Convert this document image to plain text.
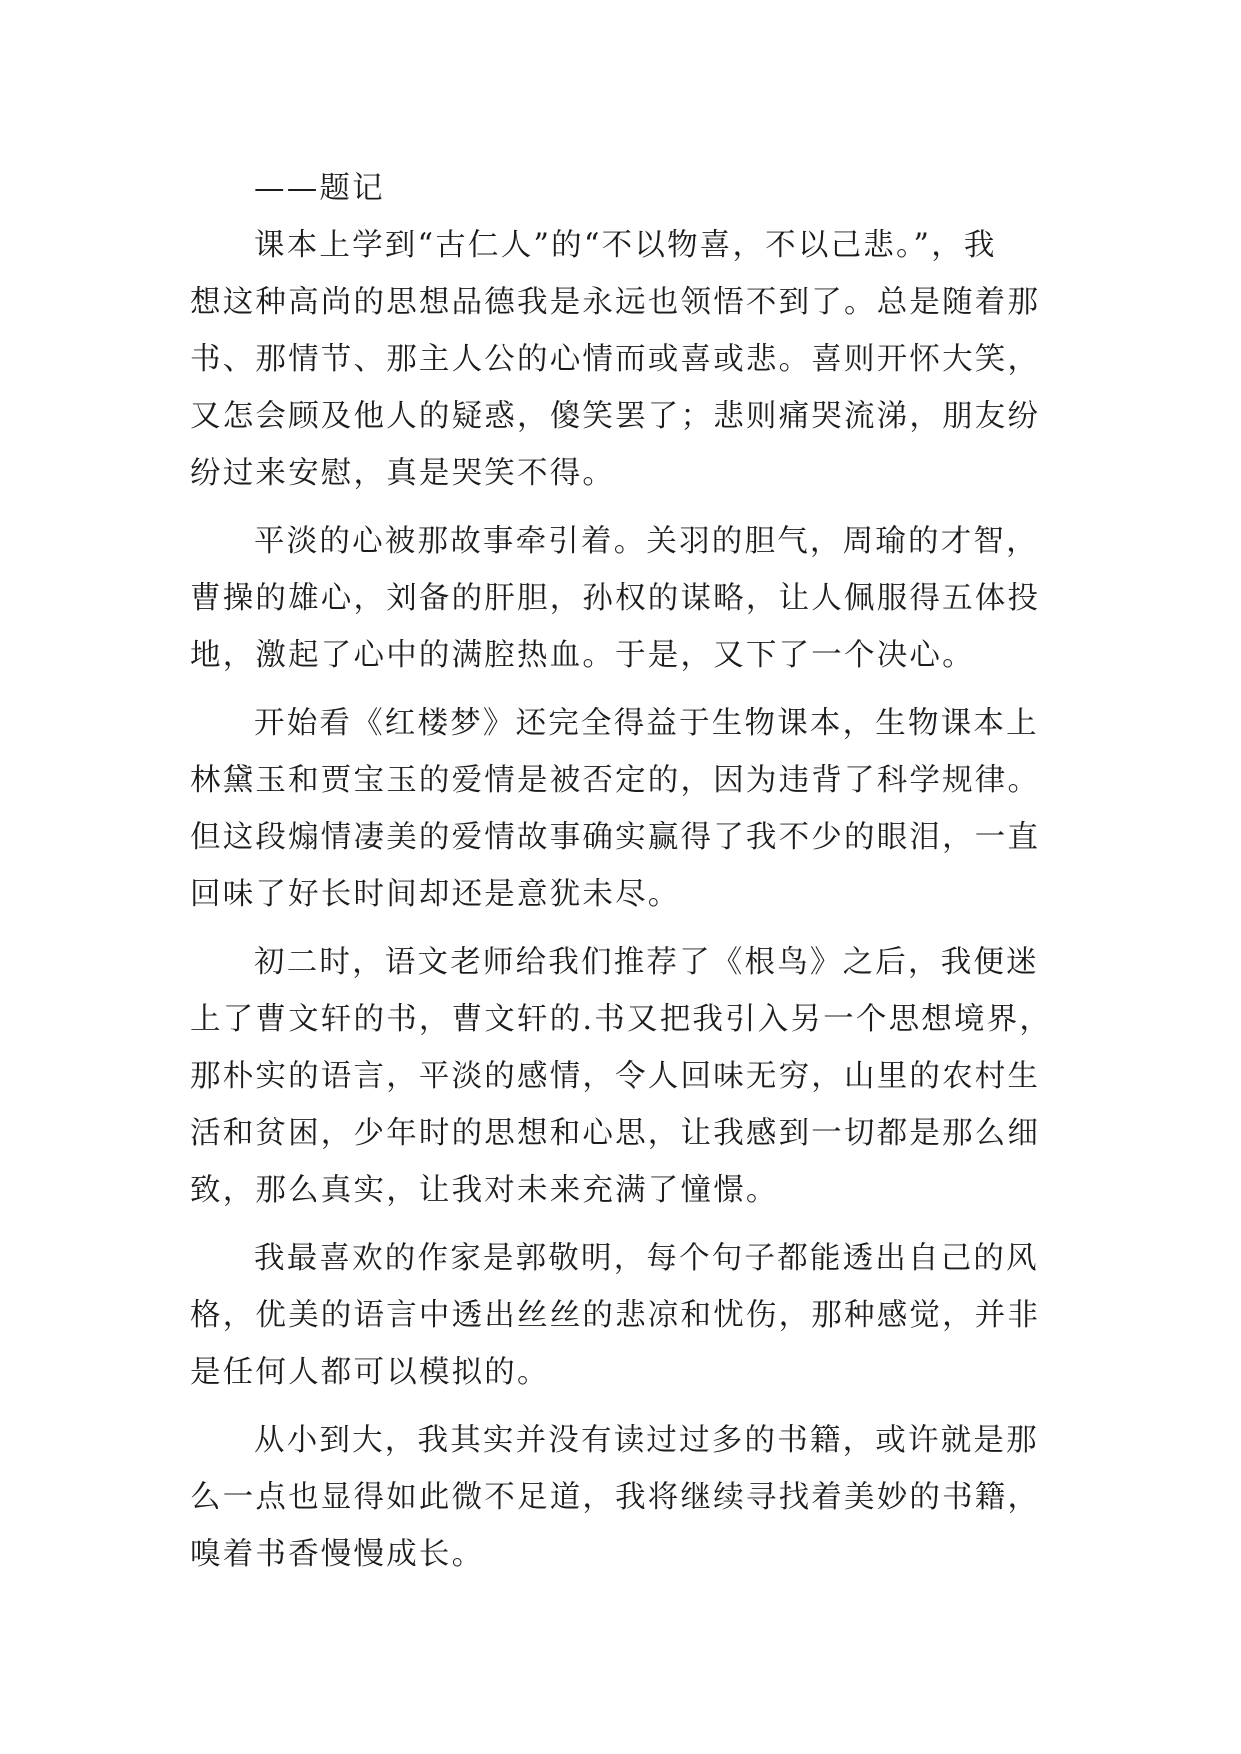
——题记
课本上学到“古仁人”的“不以物喜，不以己悲。”，我
想这种高尚的思想品德我是永远也领悟不到了。总是随着那
书、那情节、那主人公的心情而或喜或悲。喜则开怀大笑，
又怎会顾及他人的疑惑，傻笑罢了；悲则痛哭流涕，朋友纷
纷过来安慰，真是哭笑不得。
平淡的心被那故事牵引着。关羽的胆气，周瑜的才智，
曹操的雄心，刘备的肝胆，孙权的谋略，让人佩服得五体投
地，激起了心中的满腔热血。于是，又下了一个决心。
开始看《红楼梦》还完全得益于生物课本，生物课本上
林黛玉和贾宝玉的爱情是被否定的，因为违背了科学规律。
但这段煽情凄美的爱情故事确实赢得了我不少的眼泪，一直
回味了好长时间却还是意犹未尽。
初二时，语文老师给我们推荐了《根鸟》之后，我便迷
上了曹文轩的书，曹文轩的.书又把我引入另一个思想境界，
那朴实的语言，平淡的感情，令人回味无穷，山里的农村生
活和贫困，少年时的思想和心思，让我感到一切都是那么细
致，那么真实，让我对未来充满了憧憬。
我最喜欢的作家是郭敬明，每个句子都能透出自己的风
格，优美的语言中透出丝丝的悲凉和忧伤，那种感觉，并非
是任何人都可以模拟的。
从小到大，我其实并没有读过过多的书籍，或许就是那
么一点也显得如此微不足道，我将继续寻找着美妙的书籍，
嗅着书香慢慢成长。
